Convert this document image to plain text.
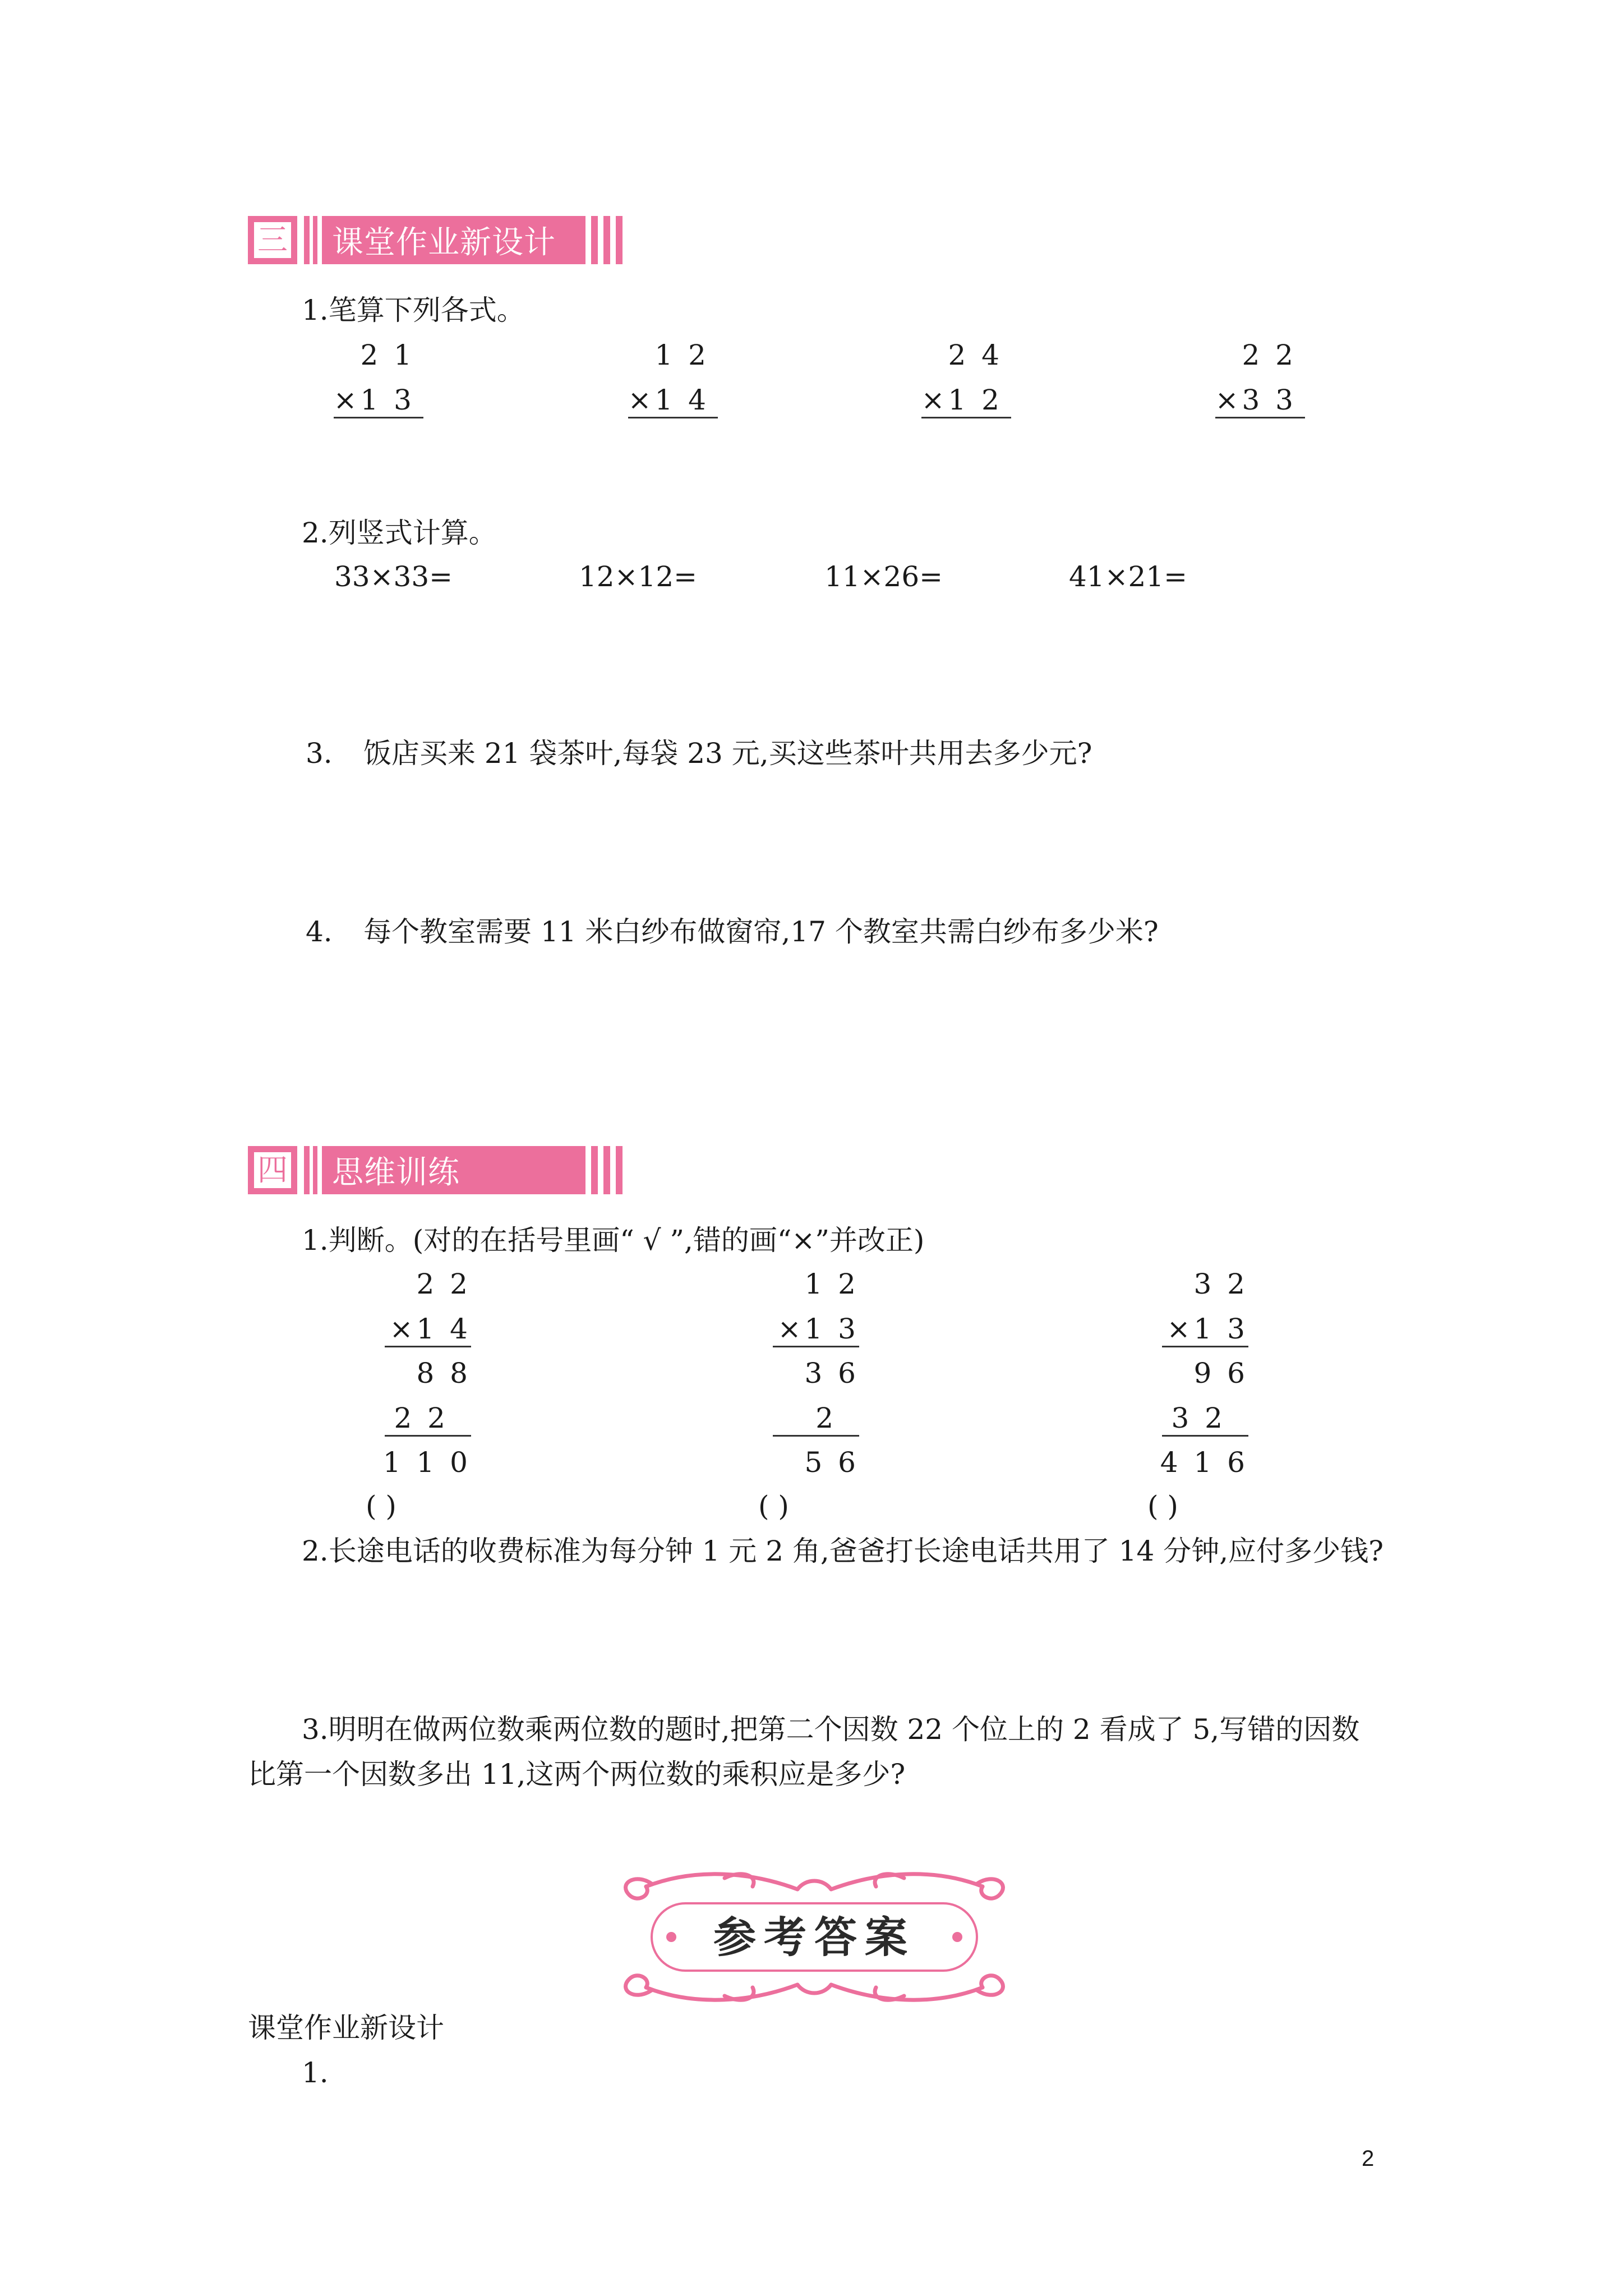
三	课堂作业新设计
1.笔算下列各式。
2 1
×1 3
1 2
×1 4
2 4
×1 2
2 2
×3 3
2.列竖式计算。
33×33=	12×12=	11×26=	41×21=
3. 饭店买来 21 袋茶叶,每袋 23 元,买这些茶叶共用去多少元?
4. 每个教室需要 11 米白纱布做窗帘,17 个教室共需白纱布多少米?
四	思维训练
1.判断。(对的在括号里画“ √ ”,错的画“×”并改正)
2 2
×1 4
8 8
2 2
1 1 0
( )
1 2
×1 3
3 6
2
5 6
( )
3 2
×1 3
9 6
3 2
4 1 6
( )
2.长途电话的收费标准为每分钟 1 元 2 角,爸爸打长途电话共用了 14 分钟,应付多少钱?
3.明明在做两位数乘两位数的题时,把第二个因数 22 个位上的 2 看成了 5,写错的因数
比第一个因数多出 11,这两个两位数的乘积应是多少?
参考答案
课堂作业新设计
1.
2
